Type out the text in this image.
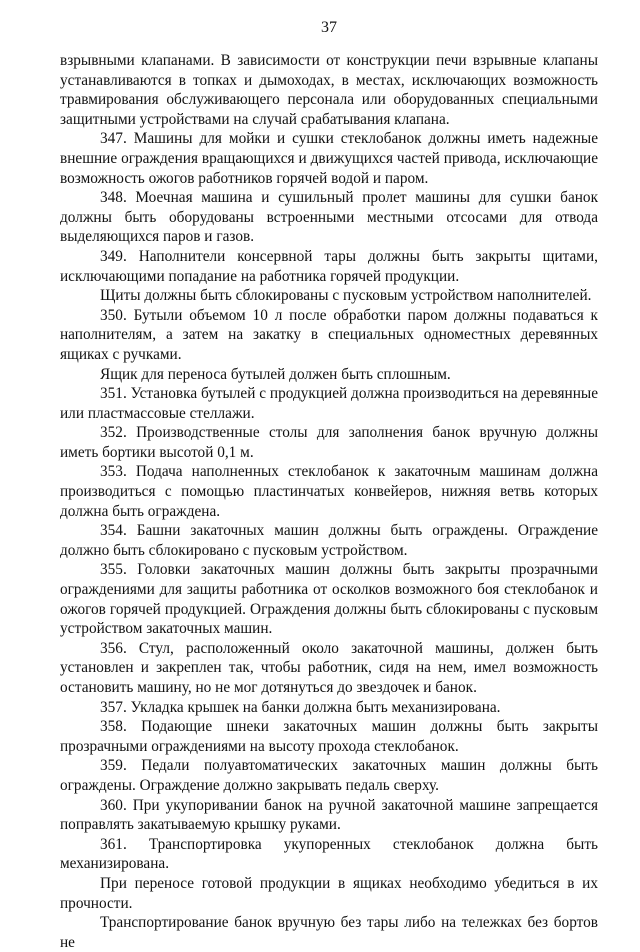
37

взрывными клапанами. В зависимости от конструкции печи взрывные клапаны устанавливаются в топках и дымоходах, в местах, исключающих возможность травмирования обслуживающего персонала или оборудованных специальными защитными устройствами на случай срабатывания клапана.

347. Машины для мойки и сушки стеклобанок должны иметь надежные внешние ограждения вращающихся и движущихся частей привода, исключающие возможность ожогов работников горячей водой и паром.

348. Моечная машина и сушильный пролет машины для сушки банок должны быть оборудованы встроенными местными отсосами для отвода выделяющихся паров и газов.

349. Наполнители консервной тары должны быть закрыты щитами, исключающими попадание на работника горячей продукции.

Щиты должны быть сблокированы с пусковым устройством наполнителей.

350. Бутыли объемом 10 л после обработки паром должны подаваться к наполнителям, а затем на закатку в специальных одноместных деревянных ящиках с ручками.

Ящик для переноса бутылей должен быть сплошным.

351. Установка бутылей с продукцией должна производиться на деревянные или пластмассовые стеллажи.

352. Производственные столы для заполнения банок вручную должны иметь бортики высотой 0,1 м.

353. Подача наполненных стеклобанок к закаточным машинам должна производиться с помощью пластинчатых конвейеров, нижняя ветвь которых должна быть ограждена.

354. Башни закаточных машин должны быть ограждены. Ограждение должно быть сблокировано с пусковым устройством.

355. Головки закаточных машин должны быть закрыты прозрачными ограждениями для защиты работника от осколков возможного боя стеклобанок и ожогов горячей продукцией. Ограждения должны быть сблокированы с пусковым устройством закаточных машин.

356. Стул, расположенный около закаточной машины, должен быть установлен и закреплен так, чтобы работник, сидя на нем, имел возможность остановить машину, но не мог дотянуться до звездочек и банок.

357. Укладка крышек на банки должна быть механизирована.

358. Подающие шнеки закаточных машин должны быть закрыты прозрачными ограждениями на высоту прохода стеклобанок.

359. Педали полуавтоматических закаточных машин должны быть ограждены. Ограждение должно закрывать педаль сверху.

360. При укупоривании банок на ручной закаточной машине запрещается поправлять закатываемую крышку руками.

361. Транспортировка укупоренных стеклобанок должна быть механизирована.

При переносе готовой продукции в ящиках необходимо убедиться в их прочности.

Транспортирование банок вручную без тары либо на тележках без бортов не
